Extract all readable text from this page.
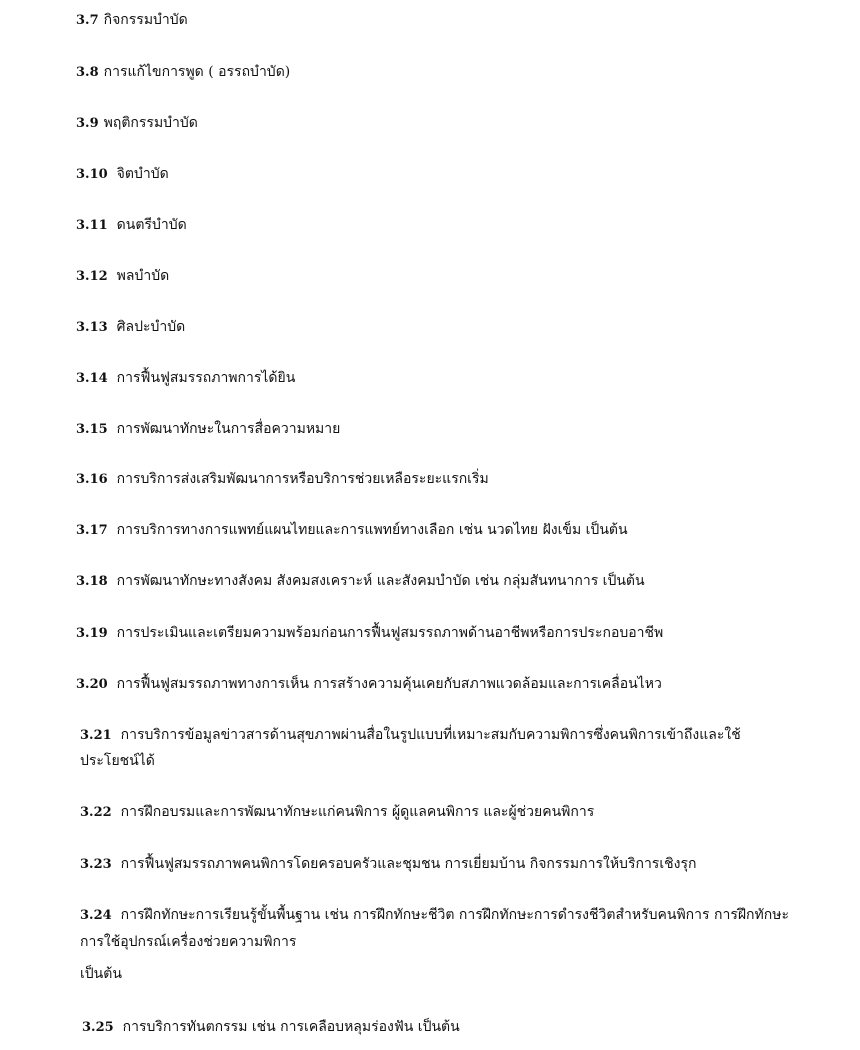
3.7 กิจกรรมบำบัด
3.8 การแก้ไขการพูด ( อรรถบำบัด)
3.9 พฤติกรรมบำบัด
3.10 จิตบำบัด
3.11 ดนตรีบำบัด
3.12 พลบำบัด
3.13 ศิลปะบำบัด
3.14 การฟื้นฟูสมรรถภาพการได้ยิน
3.15 การพัฒนาทักษะในการสื่อความหมาย
3.16 การบริการส่งเสริมพัฒนาการหรือบริการช่วยเหลือระยะแรกเริ่ม
3.17 การบริการทางการแพทย์แผนไทยและการแพทย์ทางเลือก เช่น นวดไทย ฝังเข็ม เป็นต้น
3.18 การพัฒนาทักษะทางสังคม สังคมสงเคราะห์ และสังคมบำบัด เช่น กลุ่มสันทนาการ เป็นต้น
3.19 การประเมินและเตรียมความพร้อมก่อนการฟื้นฟูสมรรถภาพด้านอาชีพหรือการประกอบอาชีพ
3.20 การฟื้นฟูสมรรถภาพทางการเห็น การสร้างความคุ้นเคยกับสภาพแวดล้อมและการเคลื่อนไหว
3.21 การบริการข้อมูลข่าวสารด้านสุขภาพผ่านสื่อในรูปแบบที่เหมาะสมกับความพิการซึ่งคนพิการเข้าถึงและใช้
ประโยชน์ได้
3.22 การฝึกอบรมและการพัฒนาทักษะแก่คนพิการ ผู้ดูแลคนพิการ และผู้ช่วยคนพิการ
3.23 การฟื้นฟูสมรรถภาพคนพิการโดยครอบครัวและชุมชน การเยี่ยมบ้าน กิจกรรมการให้บริการเชิงรุก
3.24 การฝึกทักษะการเรียนรู้ขั้นพื้นฐาน เช่น การฝึกทักษะชีวิต การฝึกทักษะการดำรงชีวิตสำหรับคนพิการ การฝึกทักษะ
การใช้อุปกรณ์เครื่องช่วยความพิการ
เป็นต้น
3.25 การบริการทันตกรรม เช่น การเคลือบหลุมร่องฟัน เป็นต้น
